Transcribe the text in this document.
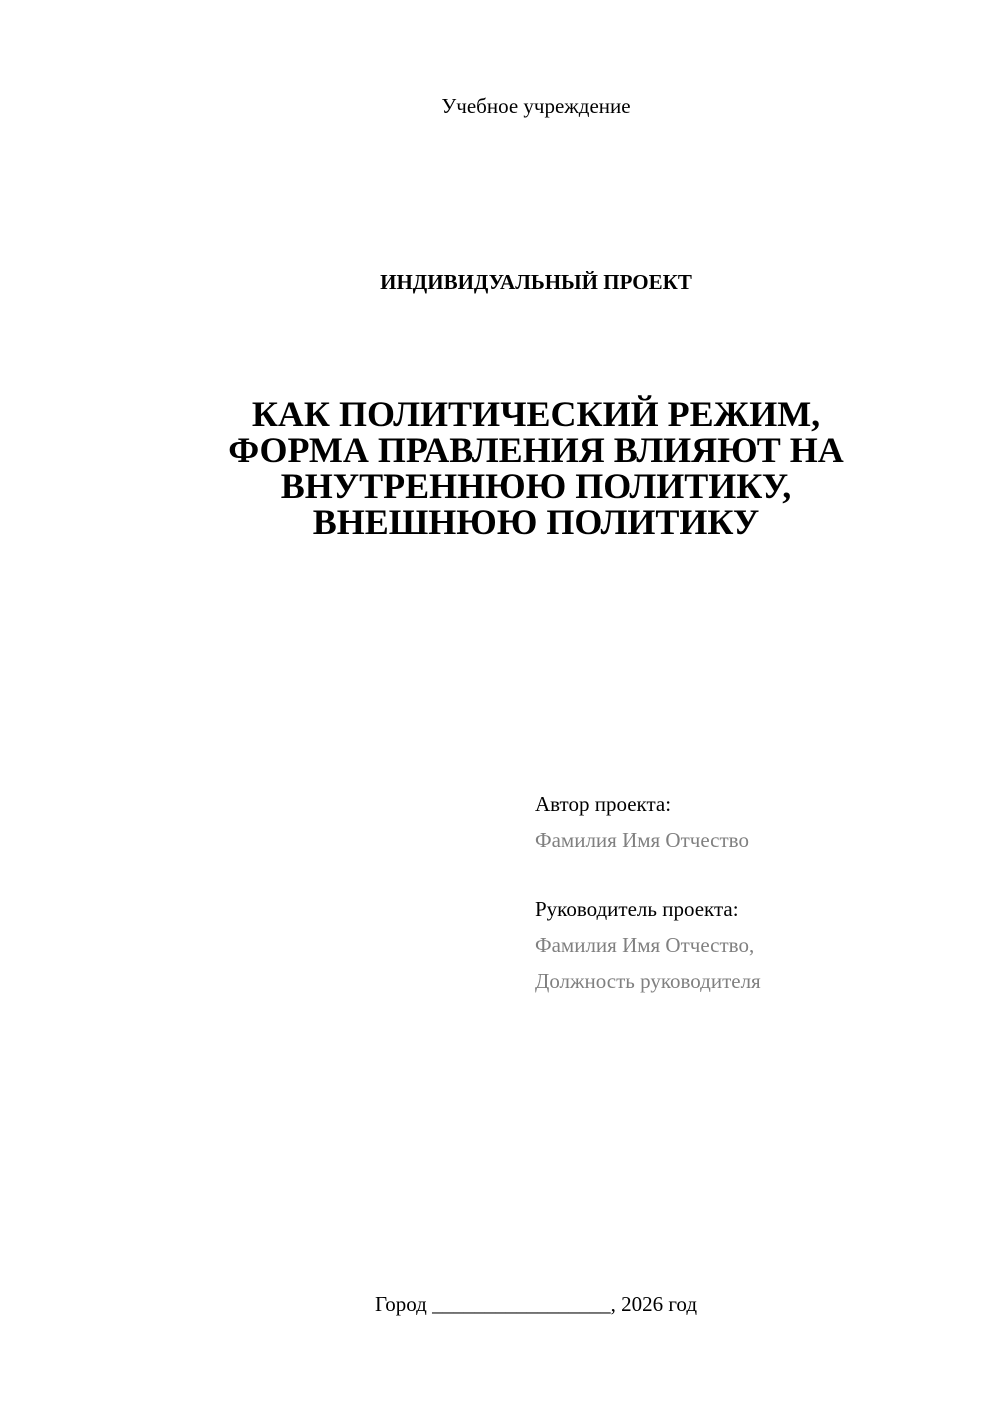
Учебное учреждение
ИНДИВИДУАЛЬНЫЙ ПРОЕКТ
КАК ПОЛИТИЧЕСКИЙ РЕЖИМ,
ФОРМА ПРАВЛЕНИЯ ВЛИЯЮТ НА
ВНУТРЕННЮЮ ПОЛИТИКУ,
ВНЕШНЮЮ ПОЛИТИКУ
Автор проекта:
Фамилия Имя Отчество
Руководитель проекта:
Фамилия Имя Отчество,
Должность руководителя
Город _________________, 2026 год
